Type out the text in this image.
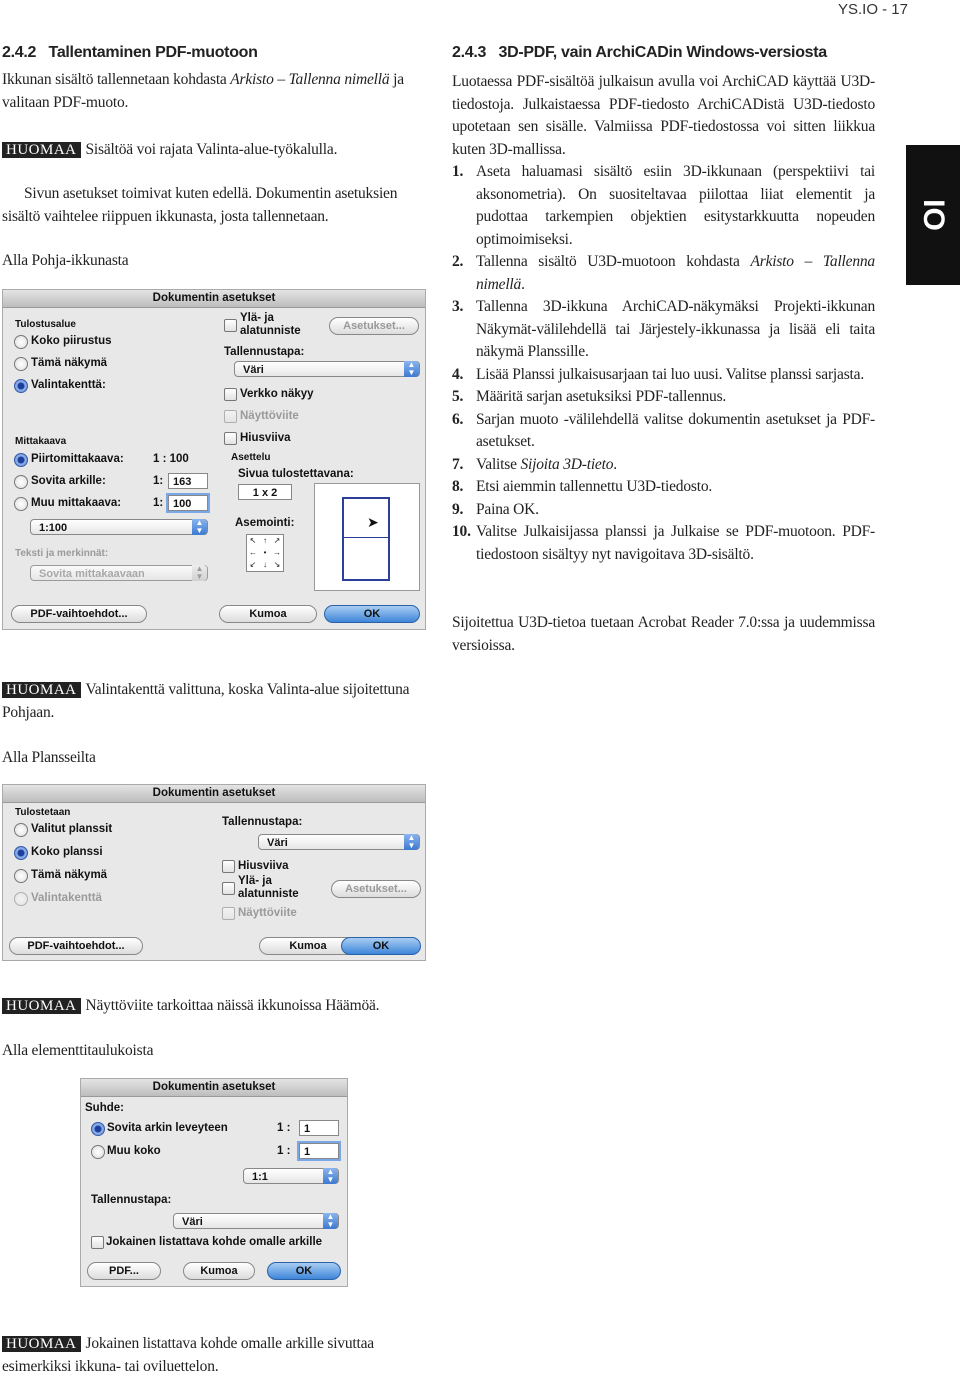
YS.IO - 17
IO
2.4.2 Tallentaminen PDF-muotoon
Ikkunan sisältö tallennetaan kohdasta Arkisto – Tallenna nimellä ja valitaan PDF-muoto.
HUOMAA Sisältöä voi rajata Valinta-alue-työkalulla.
Sivun asetukset toimivat kuten edellä. Dokumentin asetuksien sisältö vaihtelee riippuen ikkunasta, josta tallennetaan.
Alla Pohja-ikkunasta
Dokumentin asetukset
Tulostusalue
Koko piirustus
Tämä näkymä
Valintakenttä:
Ylä- ja alatunniste	Asetukset...
Tallennustapa:
Väri	▲
▼
Verkko näkyy
Näyttöviite
Hiusviiva
Mittakaava
Piirtomittakaava:	1 : 100
Sovita arkille:	1: 163
Muu mittakaava:	1: 100
1:100	▲
▼
Asettelu
Sivua tulostettavana:
1 x 2
Asemointi:
↖ ↑ ↗
← • →
↙ ↓ ↘
➤
Teksti ja merkinnät:
Sovita mittakaavaan	▲
▼
PDF-vaihtoehdot...	Kumoa	OK
HUOMAA Valintakenttä valittuna, koska Valinta-alue sijoitettuna Pohjaan.
Alla Plansseilta
Dokumentin asetukset
Tulostetaan
Valitut planssit
Koko planssi
Tämä näkymä
Valintakenttä
Tallennustapa:
Väri	▲
▼
Hiusviiva
Ylä- ja alatunniste	Asetukset...
Näyttöviite
PDF-vaihtoehdot...	Kumoa	OK
HUOMAA Näyttöviite tarkoittaa näissä ikkunoissa Häämöä.
Alla elementtitaulukoista
Dokumentin asetukset
Suhde:
Sovita arkin leveyteen	1 :	1
Muu koko	1 :	1
1:1	▲
▼
Tallennustapa:
Väri	▲
▼
Jokainen listattava kohde omalle arkille
PDF...	Kumoa	OK
HUOMAA Jokainen listattava kohde omalle arkille sivuttaa esimerkiksi ikkuna- tai oviluettelon.
2.4.3 3D-PDF, vain ArchiCADin Windows-versiosta
Luotaessa PDF-sisältöä julkaisun avulla voi ArchiCAD käyttää U3D-tiedostoja. Julkaistaessa PDF-tiedosto ArchiCADistä U3D-tiedosto upotetaan sen sisälle. Valmiissa PDF-tiedostossa voi sitten liikkua kuten 3D-mallissa.
1. Aseta haluamasi sisältö esiin 3D-ikkunaan (perspektiivi tai aksonometria). On suositeltavaa piilottaa liiat elementit ja pudottaa tarkempien objektien esitystarkkuutta nopeuden optimoimiseksi.
2. Tallenna sisältö U3D-muotoon kohdasta Arkisto – Tallenna nimellä.
3. Tallenna 3D-ikkuna ArchiCAD-näkymäksi Projekti-ikkunan Näkymät-välilehdellä tai Järjestely-ikkunassa ja lisää eli taita näkymä Planssille.
4. Lisää Planssi julkaisusarjaan tai luo uusi. Valitse planssi sarjasta.
5. Määritä sarjan asetuksiksi PDF-tallennus.
6. Sarjan muoto -välilehdellä valitse dokumentin asetukset ja PDF-asetukset.
7. Valitse Sijoita 3D-tieto.
8. Etsi aiemmin tallennettu U3D-tiedosto.
9. Paina OK.
10. Valitse Julkaisijassa planssi ja Julkaise se PDF-muotoon. PDF-tiedostoon sisältyy nyt navigoitava 3D-sisältö.
Sijoitettua U3D-tietoa tuetaan Acrobat Reader 7.0:ssa ja uudemmissa versioissa.
